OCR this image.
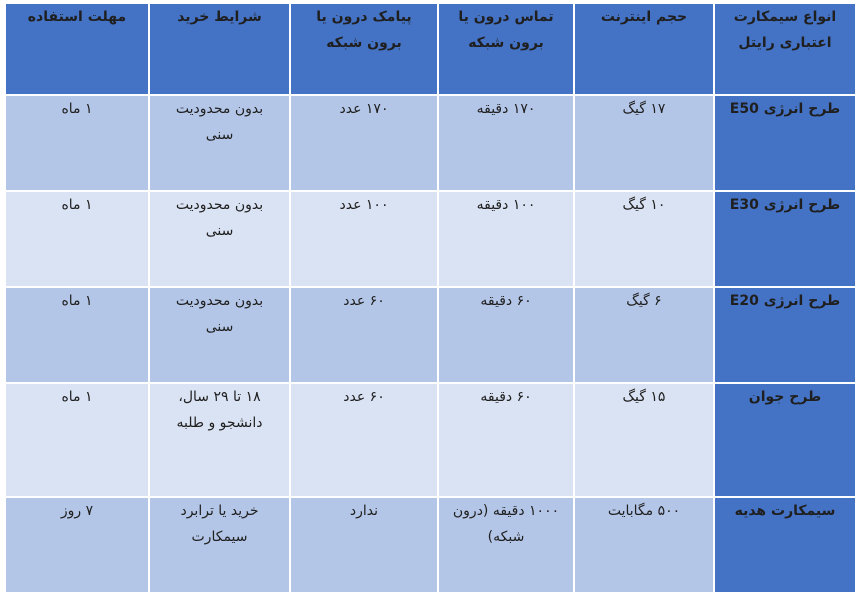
انواع سیمکارت اعتباری رایتل	حجم اینترنت	تماس درون یا برون شبکه	پیامک درون یا برون شبکه	شرایط خرید	مهلت استفاده
طرح انرژی E50	۱۷ گیگ	۱۷۰ دقیقه	۱۷۰ عدد	بدون محدودیت سنی	۱ ماه
طرح انرژی E30	۱۰ گیگ	۱۰۰ دقیقه	۱۰۰ عدد	بدون محدودیت سنی	۱ ماه
طرح انرژی E20	۶ گیگ	۶۰ دقیقه	۶۰ عدد	بدون محدودیت سنی	۱ ماه
طرح جوان	۱۵ گیگ	۶۰ دقیقه	۶۰ عدد	۱۸ تا ۲۹ سال، دانشجو و طلبه	۱ ماه
سیمکارت هدیه	۵۰۰ مگابایت	۱۰۰۰ دقیقه (درون شبکه)	ندارد	خرید یا ترابرد سیمکارت	۷ روز
